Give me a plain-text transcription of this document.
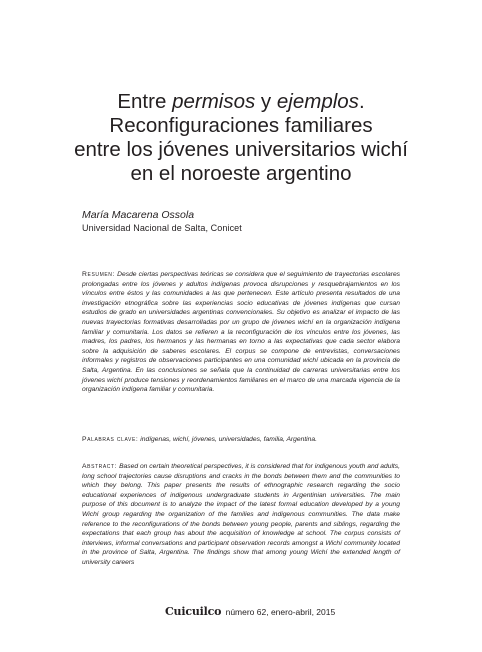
Entre permisos y ejemplos.
Reconfiguraciones familiares
entre los jóvenes universitarios wichí
en el noroeste argentino
María Macarena Ossola
Universidad Nacional de Salta, Conicet

Resumen: Desde ciertas perspectivas teóricas se considera que el seguimiento de trayectorias escolares prolongadas entre los jóvenes y adultos indígenas provoca disrupciones y resquebrajamientos en los vínculos entre éstos y las comunidades a las que pertenecen. Este artículo presenta resultados de una investigación etnográfica sobre las experiencias socio educativas de jóvenes indígenas que cursan estudios de grado en universidades argentinas convencionales. Su objetivo es analizar el impacto de las nuevas trayectorias formativas desarrolladas por un grupo de jóvenes wichí en la organización indígena familiar y comunitaria. Los datos se refieren a la reconfiguración de los vínculos entre los jóvenes, las madres, los padres, los hermanos y las hermanas en torno a las expectativas que cada sector elabora sobre la adquisición de saberes escolares. El corpus se compone de entrevistas, conversaciones informales y registros de observaciones participantes en una comunidad wichí ubicada en la provincia de Salta, Argentina. En las conclusiones se señala que la continuidad de carreras universitarias entre los jóvenes wichí produce tensiones y reordenamientos familiares en el marco de una marcada vigencia de la organización indígena familiar y comunitaria.

Palabras clave: indígenas, wichí, jóvenes, universidades, familia, Argentina.

Abstract: Based on certain theoretical perspectives, it is considered that for indigenous youth and adults, long school trajectories cause disruptions and cracks in the bonds between them and the communities to which they belong. This paper presents the results of ethnographic research regarding the socio educational experiences of indigenous undergraduate students in Argentinian universities. The main purpose of this document is to analyze the impact of the latest formal education developed by a young Wichí group regarding the organization of the families and indigenous communities. The data make reference to the reconfigurations of the bonds between young people, parents and siblings, regarding the expectations that each group has about the acquisition of knowledge at school. The corpus consists of interviews, informal conversations and participant observation records amongst a Wichí community located in the province of Salta, Argentina. The findings show that among young Wichí the extended length of university careers

Cuicuilco número 62, enero-abril, 2015
